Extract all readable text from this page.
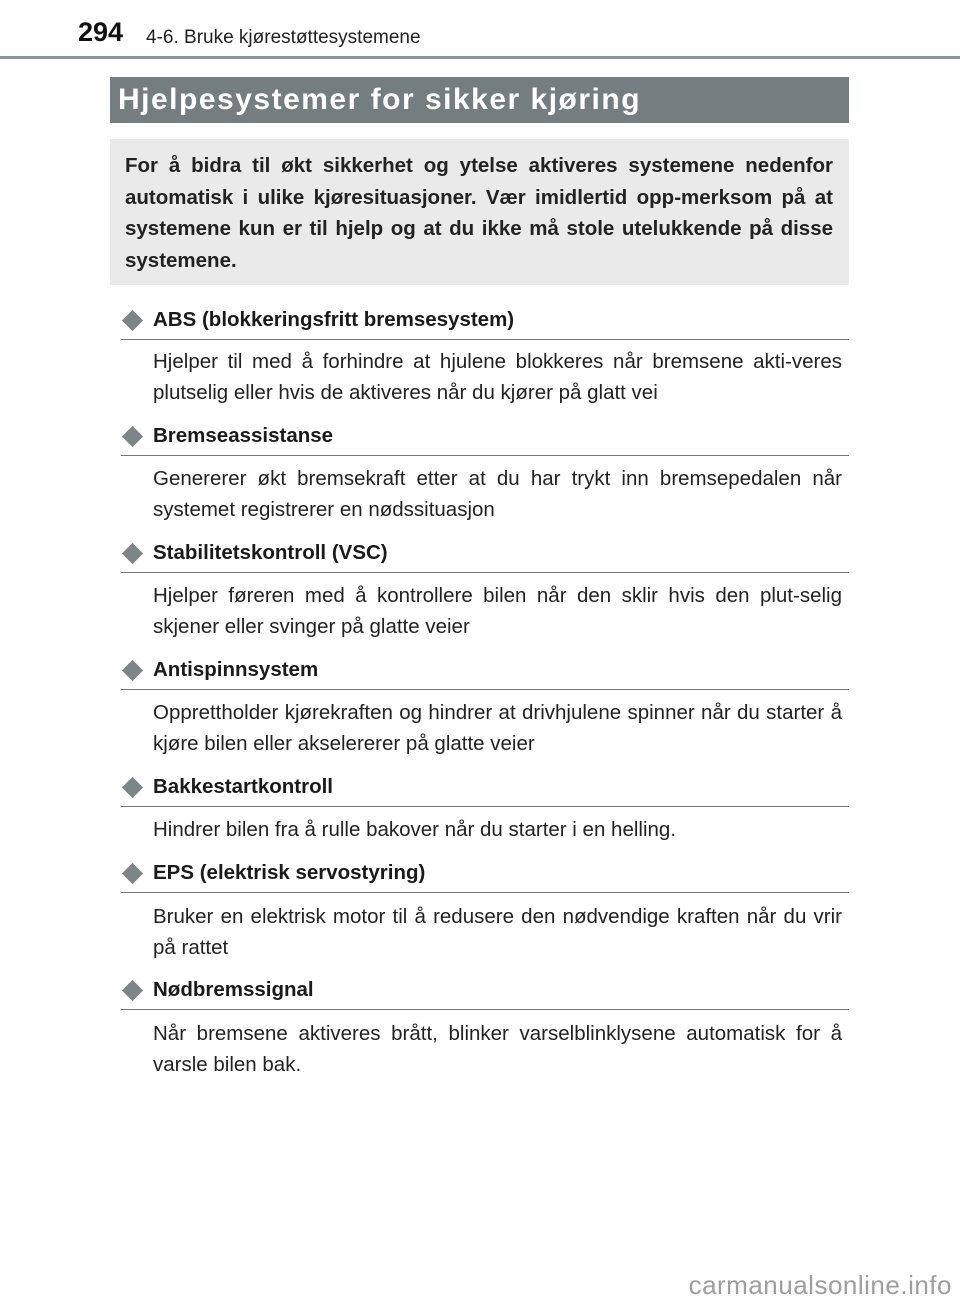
294 4-6. Bruke kjørestøttesystemene
Hjelpesystemer for sikker kjøring
For å bidra til økt sikkerhet og ytelse aktiveres systemene nedenfor automatisk i ulike kjøresituasjoner. Vær imidlertid opp-merksom på at systemene kun er til hjelp og at du ikke må stole utelukkende på disse systemene.
ABS (blokkeringsfritt bremsesystem)
Hjelper til med å forhindre at hjulene blokkeres når bremsene akti-veres plutselig eller hvis de aktiveres når du kjører på glatt vei
Bremseassistanse
Genererer økt bremsekraft etter at du har trykt inn bremsepedalen når systemet registrerer en nødssituasjon
Stabilitetskontroll (VSC)
Hjelper føreren med å kontrollere bilen når den sklir hvis den plut-selig skjener eller svinger på glatte veier
Antispinnsystem
Opprettholder kjørekraften og hindrer at drivhjulene spinner når du starter å kjøre bilen eller akselererer på glatte veier
Bakkestartkontroll
Hindrer bilen fra å rulle bakover når du starter i en helling.
EPS (elektrisk servostyring)
Bruker en elektrisk motor til å redusere den nødvendige kraften når du vrir på rattet
Nødbremssignal
Når bremsene aktiveres brått, blinker varselblinklysene automatisk for å varsle bilen bak.
carmanualsonline.info
